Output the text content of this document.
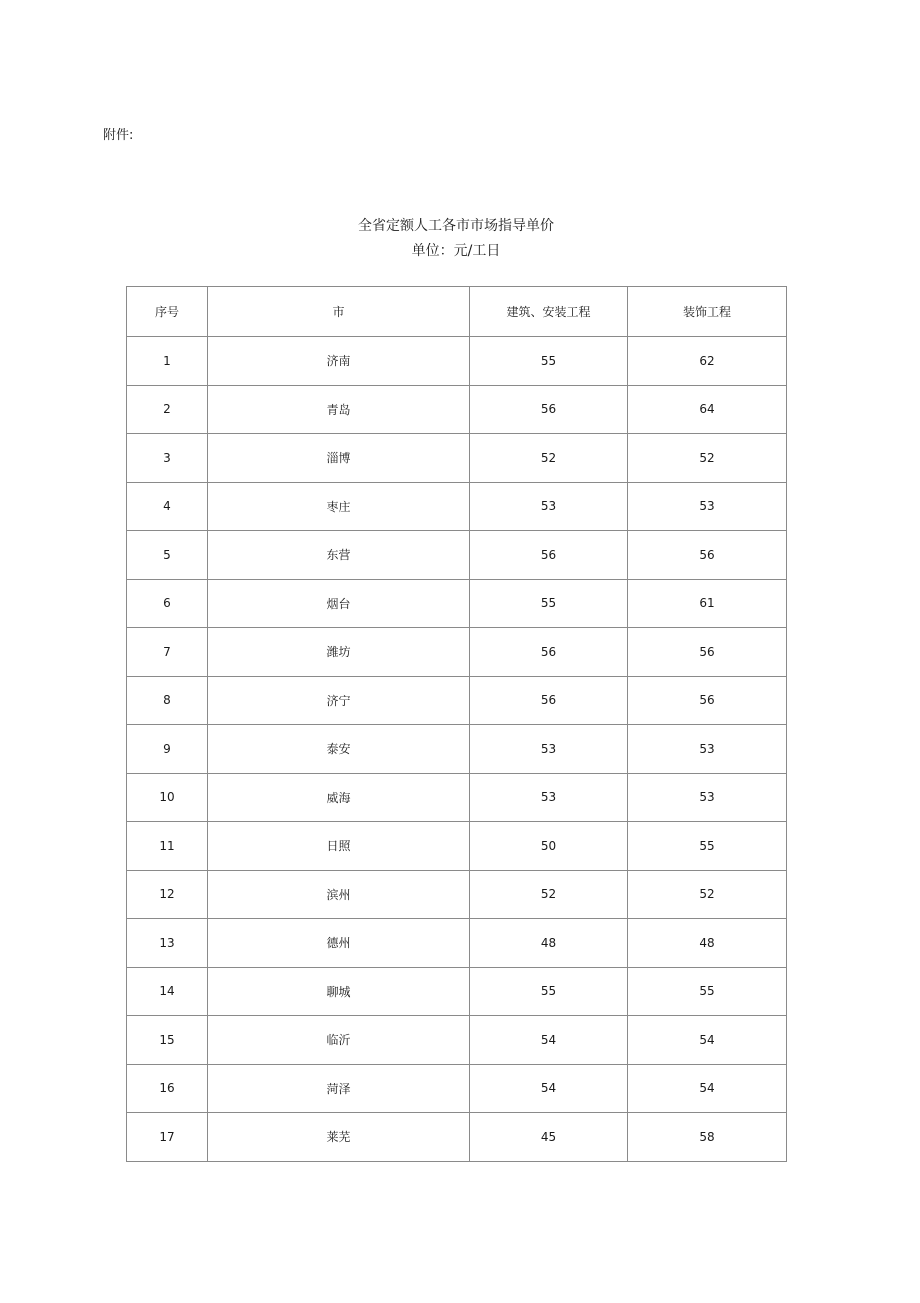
附件:
全省定额人工各市市场指导单价
单位：元/工日
序号	市	建筑、安装工程	装饰工程
1	济南	55	62
2	青岛	56	64
3	淄博	52	52
4	枣庄	53	53
5	东营	56	56
6	烟台	55	61
7	潍坊	56	56
8	济宁	56	56
9	泰安	53	53
10	威海	53	53
11	日照	50	55
12	滨州	52	52
13	德州	48	48
14	聊城	55	55
15	临沂	54	54
16	菏泽	54	54
17	莱芜	45	58
